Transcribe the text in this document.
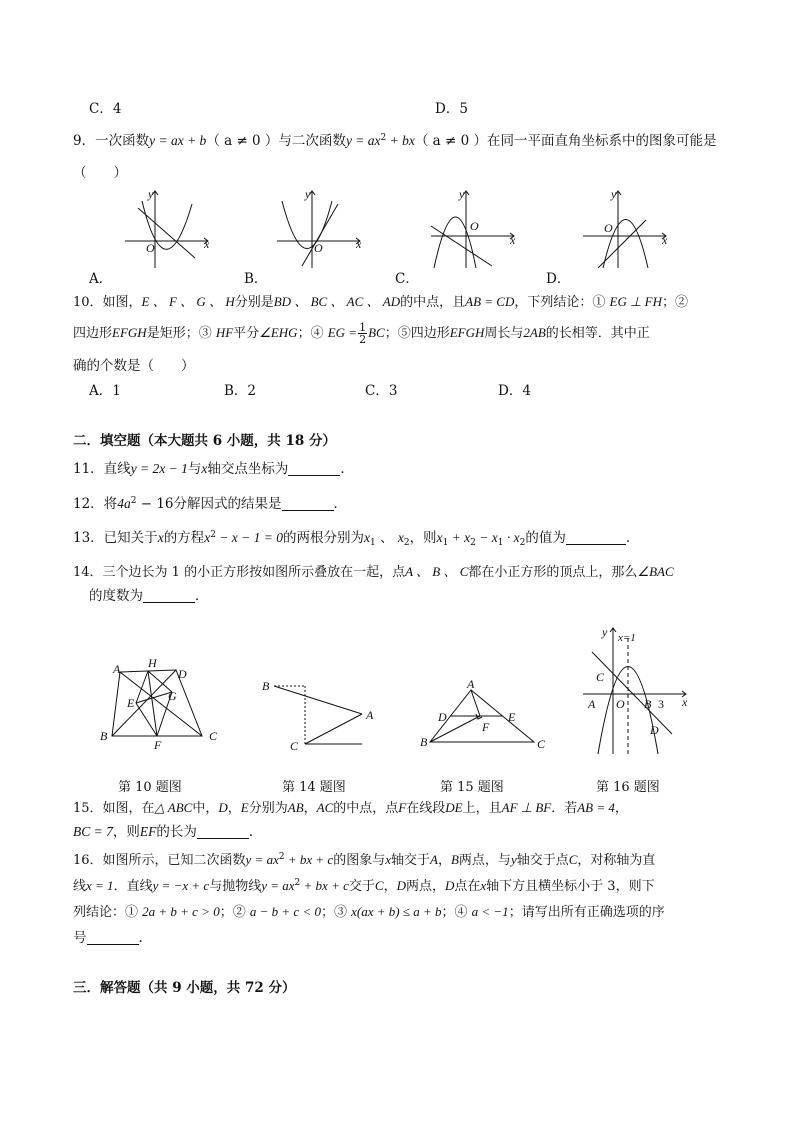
C．4	D．5
9．一次函数y = ax + b（ a ≠ 0 ）与二次函数$y = ax^2 + bx$（ a ≠ 0 ）在同一平面直角坐标系中的图象可能是
（　　）
y
x
O
y
x
O
y
x
O
y
x
O
A．	B．	C．	D．
10．如图，E 、 F 、 G 、 H分别是BD 、 BC 、 AC 、 AD的中点，且AB = CD，下列结论：① EG ⊥ FH；②
四边形EFGH是矩形；③ HF平分∠EHG；④ EG = $\frac{1}{2}$ BC；⑤四边形EFGH周长与2AB的长相等．其中正
确的个数是（　　）
A．1	B．2	C．3	D．4
二．填空题（本大题共 6 小题，共 18 分）
11．直线y = 2x − 1与x轴交点坐标为	．
12．将$4a^2 - 16$分解因式的结果是	．
13．已知关于x的方程$x^2 - x - 1 = 0$的两根分别为$x_1$ 、 $x_2$，则$x_1 + x_2 - x_1 \cdot x_2$的值为	．
14．三个边长为 1 的小正方形按如图所示叠放在一起，点A 、 B 、 C都在小正方形的顶点上，那么∠BAC
的度数为	．
A H
D
G
E
B
F
C
B
A
C
A
D	E
F
B	C
y x=1
C
A O B 3 x
D
第 10 题图	第 14 题图	第 15 题图	第 16 题图
15．如图，在△ ABC中，D，E分别为AB，AC的中点，点F在线段DE上，且AF ⊥ BF．若AB = 4，
BC = 7，则EF的长为	．
16．如图所示，已知二次函数$y = ax^2$ + bx + c的图象与x轴交于A，B两点，与y轴交于点C，对称轴为直
线x = 1．直线y = −x + c与抛物线$y = ax^2$ + bx + c交于C，D两点，D点在x轴下方且横坐标小于 3，则下
列结论：① 2a + b + c > 0；② a − b + c < 0；③ x(ax + b) ≤ a + b；④ a < −1；请写出所有正确选项的序
号	．
三．解答题（共 9 小题，共 72 分）
